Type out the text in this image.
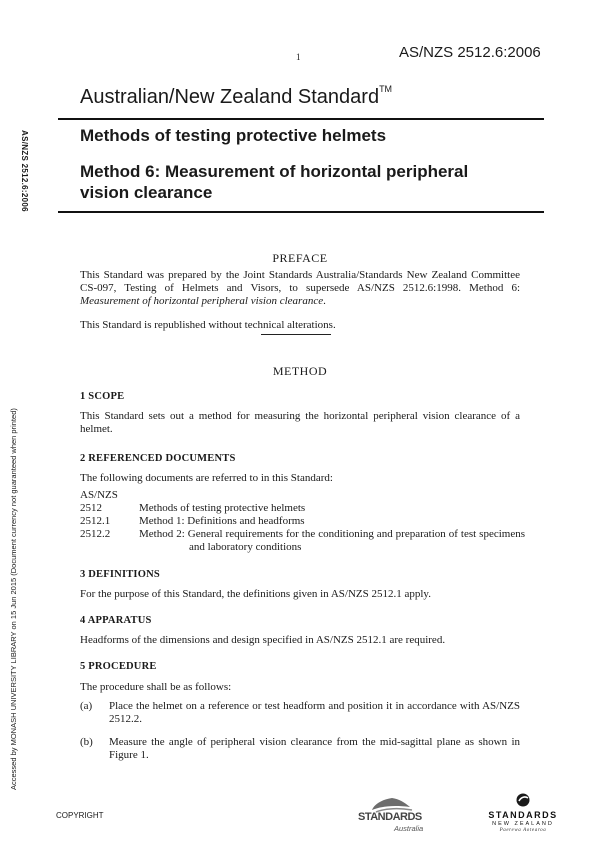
1	AS/NZS 2512.6:2006
Australian/New Zealand Standard™
Methods of testing protective helmets
Method 6: Measurement of horizontal peripheral vision clearance
AS/NZS 2512.6:2006
Accessed by MONASH UNIVERSITY LIBRARY on 15 Jun 2015 (Document currency not guaranteed when printed)
PREFACE
This Standard was prepared by the Joint Standards Australia/Standards New Zealand Committee CS-097, Testing of Helmets and Visors, to supersede AS/NZS 2512.6:1998. Method 6: Measurement of horizontal peripheral vision clearance.
This Standard is republished without technical alterations.
METHOD
1 SCOPE
This Standard sets out a method for measuring the horizontal peripheral vision clearance of a helmet.
2 REFERENCED DOCUMENTS
The following documents are referred to in this Standard:
AS/NZS
2512	Methods of testing protective helmets
2512.1	Method 1: Definitions and headforms
2512.2	Method 2: General requirements for the conditioning and preparation of test specimens and laboratory conditions
3 DEFINITIONS
For the purpose of this Standard, the definitions given in AS/NZS 2512.1 apply.
4 APPARATUS
Headforms of the dimensions and design specified in AS/NZS 2512.1 are required.
5 PROCEDURE
The procedure shall be as follows:
(a) Place the helmet on a reference or test headform and position it in accordance with AS/NZS 2512.2.
(b) Measure the angle of peripheral vision clearance from the mid-sagittal plane as shown in Figure 1.
COPYRIGHT	STANDARDS
Australia
STANDARDS
NEW ZEALAND
Paerewa Aotearoa
